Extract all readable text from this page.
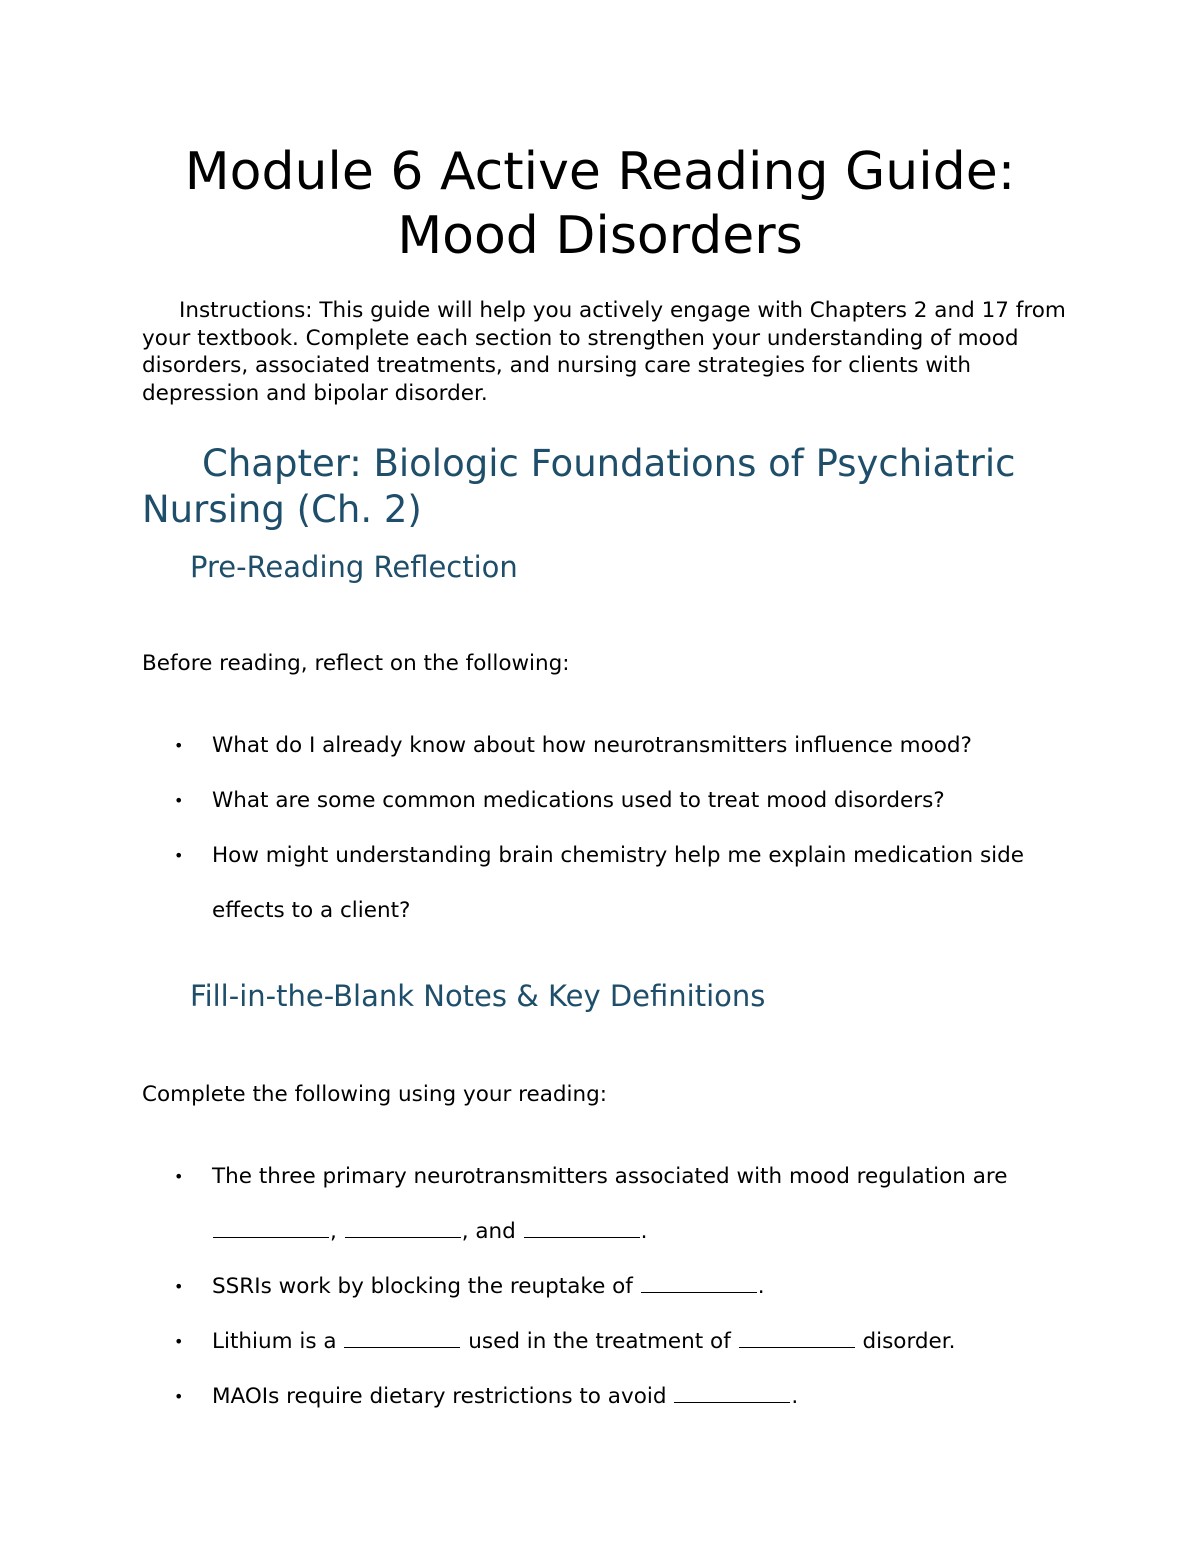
Module 6 Active Reading Guide:
Mood Disorders

Instructions: This guide will help you actively engage with Chapters 2 and 17 from your textbook. Complete each section to strengthen your understanding of mood disorders, associated treatments, and nursing care strategies for clients with depression and bipolar disorder.

Chapter: Biologic Foundations of Psychiatric Nursing (Ch. 2)
Pre-Reading Reflection

Before reading, reflect on the following:

• What do I already know about how neurotransmitters influence mood?
• What are some common medications used to treat mood disorders?
• How might understanding brain chemistry help me explain medication side effects to a client?
Fill-in-the-Blank Notes & Key Definitions

Complete the following using your reading:

• The three primary neurotransmitters associated with mood regulation are ,	, and	.
• SSRIs work by blocking the reuptake of	.
• Lithium is a	used in the treatment of	disorder.
• MAOIs require dietary restrictions to avoid	.
